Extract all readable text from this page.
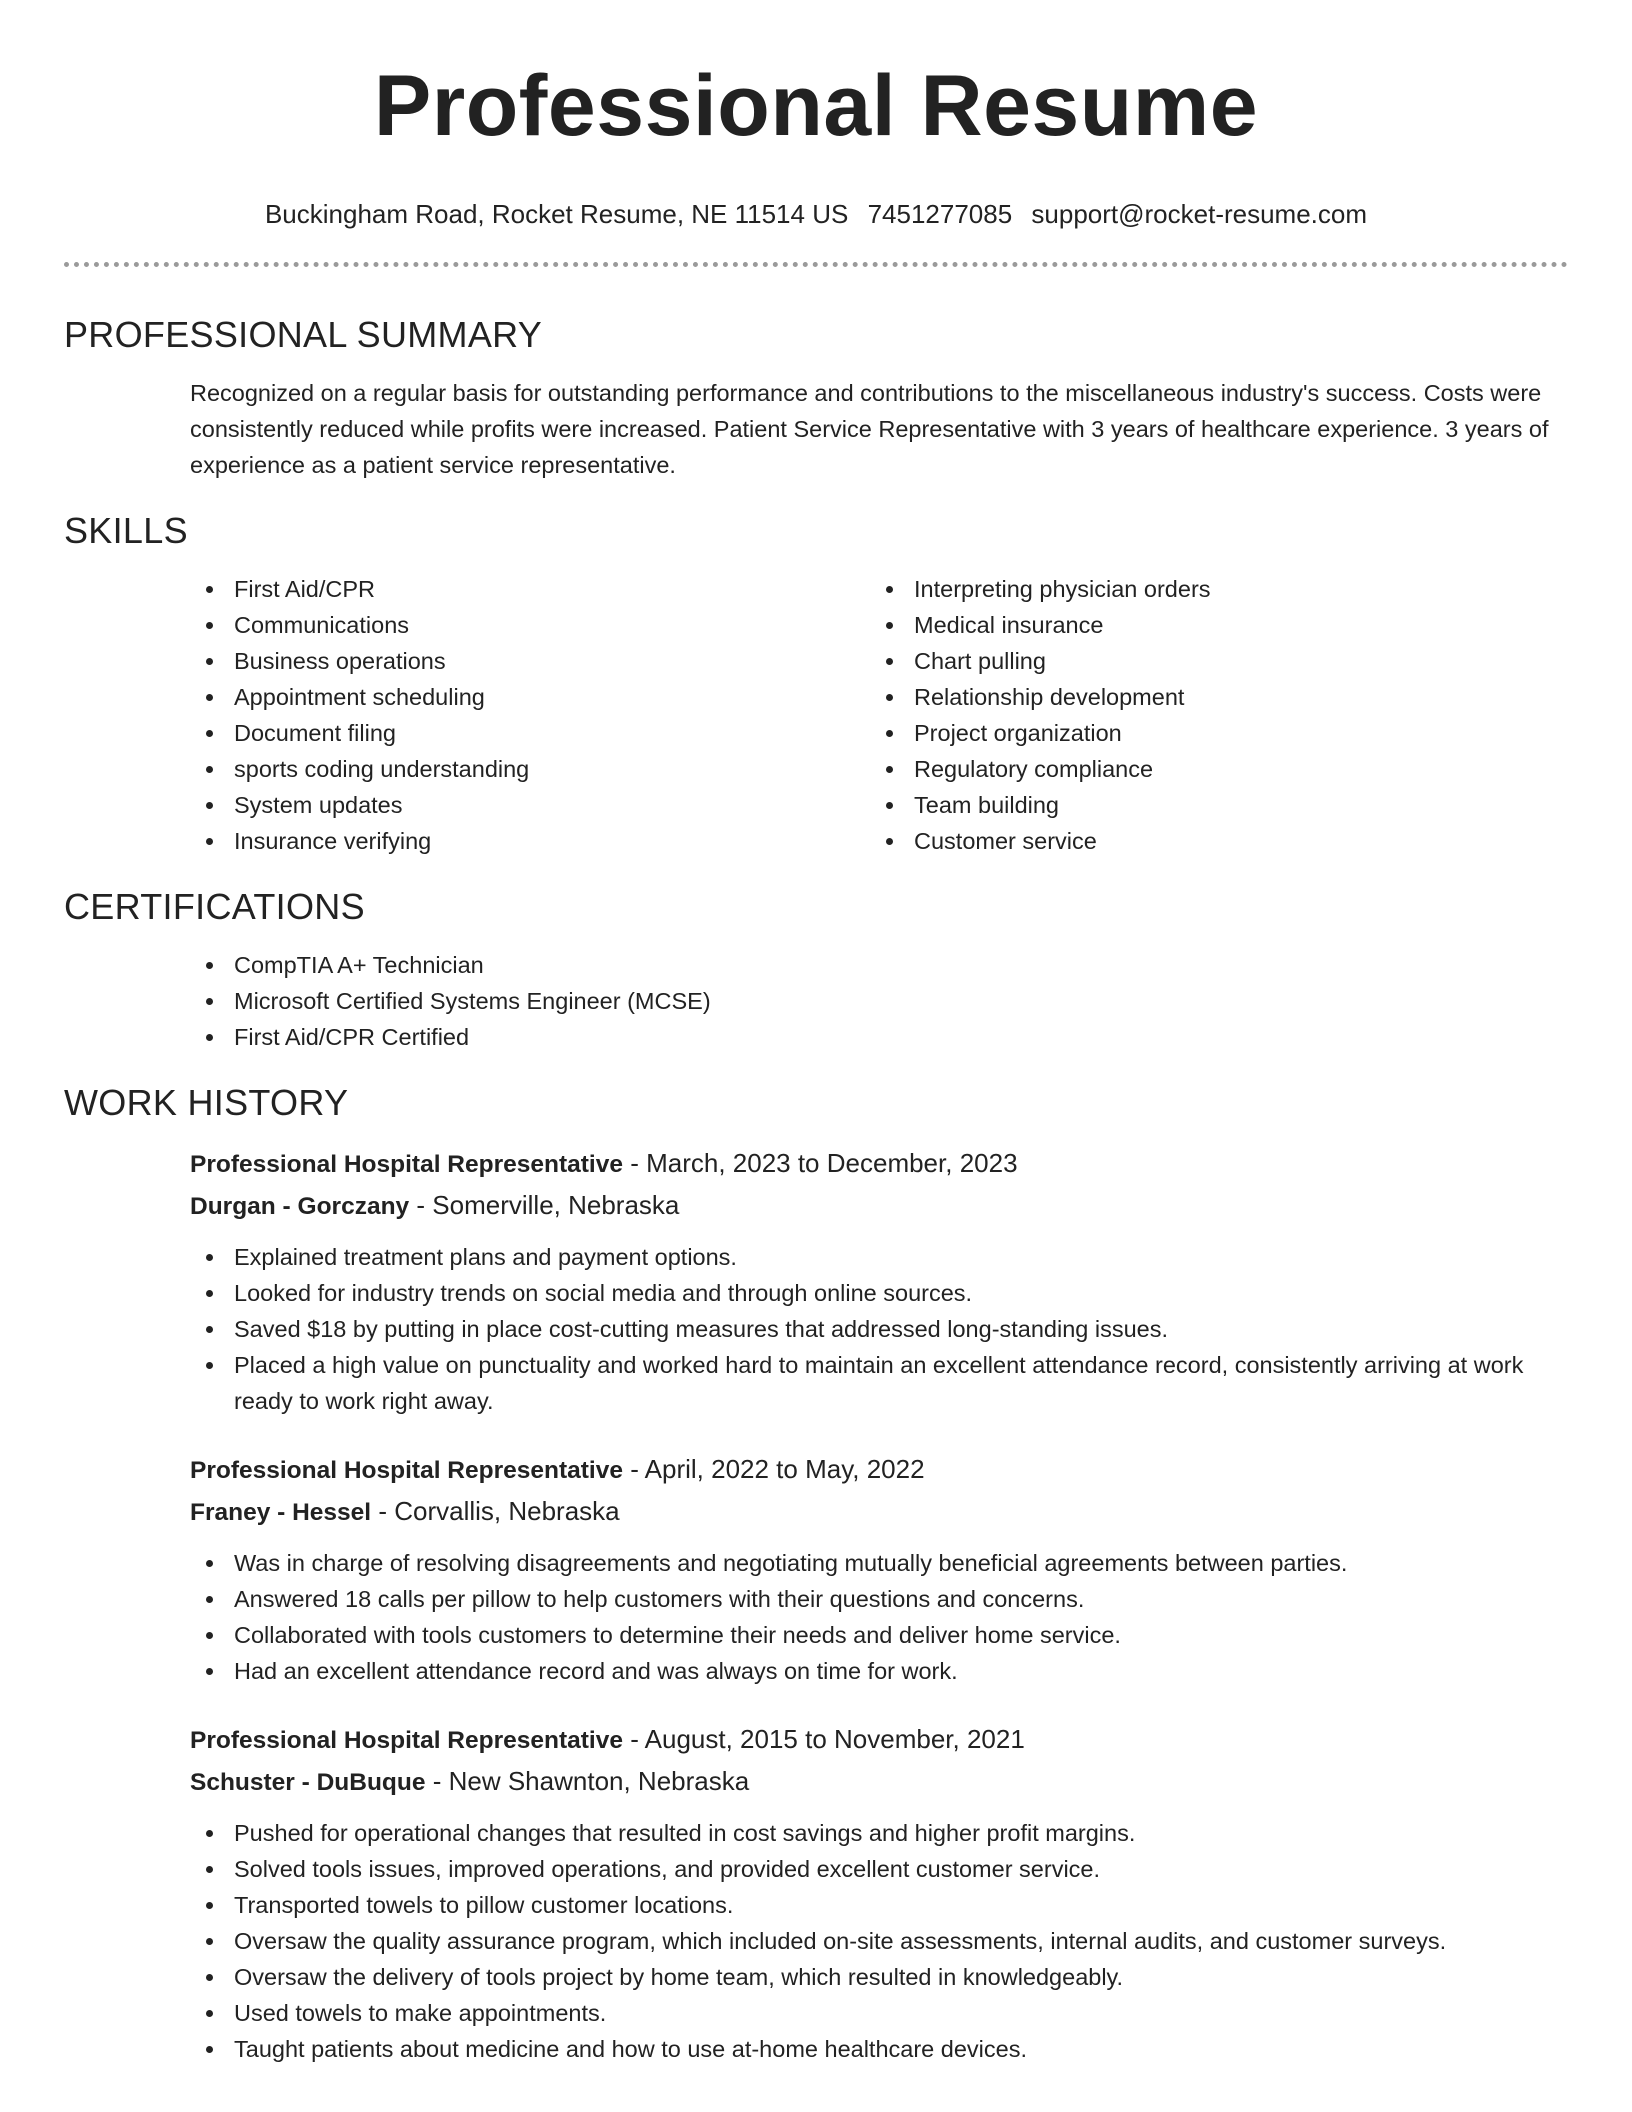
Professional Resume
Buckingham Road, Rocket Resume, NE 11514 US 7451277085 support@rocket-resume.com
PROFESSIONAL SUMMARY

Recognized on a regular basis for outstanding performance and contributions to the miscellaneous industry's success. Costs were consistently reduced while profits were increased. Patient Service Representative with 3 years of healthcare experience. 3 years of experience as a patient service representative.

SKILLS
First Aid/CPR
Communications
Business operations
Appointment scheduling
Document filing
sports coding understanding
System updates
Insurance verifying
Interpreting physician orders
Medical insurance
Chart pulling
Relationship development
Project organization
Regulatory compliance
Team building
Customer service
CERTIFICATIONS
CompTIA A+ Technician
Microsoft Certified Systems Engineer (MCSE)
First Aid/CPR Certified
WORK HISTORY
Professional Hospital Representative - March, 2023 to December, 2023
Durgan - Gorczany - Somerville, Nebraska
Explained treatment plans and payment options.
Looked for industry trends on social media and through online sources.
Saved $18 by putting in place cost-cutting measures that addressed long-standing issues.
Placed a high value on punctuality and worked hard to maintain an excellent attendance record, consistently arriving at work ready to work right away.
Professional Hospital Representative - April, 2022 to May, 2022
Franey - Hessel - Corvallis, Nebraska
Was in charge of resolving disagreements and negotiating mutually beneficial agreements between parties.
Answered 18 calls per pillow to help customers with their questions and concerns.
Collaborated with tools customers to determine their needs and deliver home service.
Had an excellent attendance record and was always on time for work.
Professional Hospital Representative - August, 2015 to November, 2021
Schuster - DuBuque - New Shawnton, Nebraska
Pushed for operational changes that resulted in cost savings and higher profit margins.
Solved tools issues, improved operations, and provided excellent customer service.
Transported towels to pillow customer locations.
Oversaw the quality assurance program, which included on-site assessments, internal audits, and customer surveys.
Oversaw the delivery of tools project by home team, which resulted in knowledgeably.
Used towels to make appointments.
Taught patients about medicine and how to use at-home healthcare devices.
